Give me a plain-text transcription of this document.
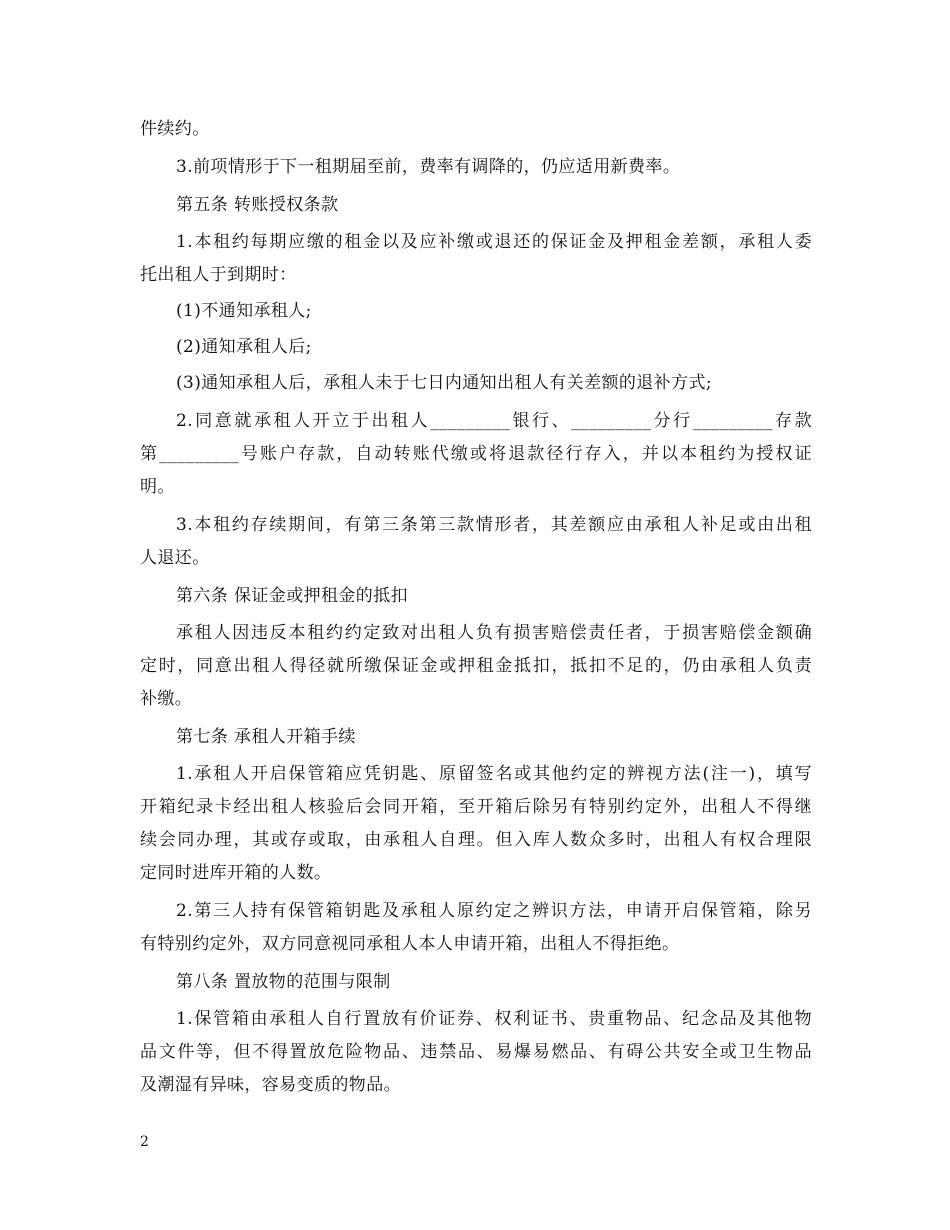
件续约。
3.前项情形于下一租期届至前，费率有调降的，仍应适用新费率。
第五条 转账授权条款
1.本租约每期应缴的租金以及应补缴或退还的保证金及押租金差额，承租人委
托出租人于到期时：
(1)不通知承租人;
(2)通知承租人后;
(3)通知承租人后，承租人未于七日内通知出租人有关差额的退补方式;
2.同意就承租人开立于出租人_________银行、_________分行_________存款
第_________号账户存款，自动转账代缴或将退款径行存入，并以本租约为授权证
明。
3.本租约存续期间，有第三条第三款情形者，其差额应由承租人补足或由出租
人退还。
第六条 保证金或押租金的抵扣
承租人因违反本租约约定致对出租人负有损害赔偿责任者，于损害赔偿金额确
定时，同意出租人得径就所缴保证金或押租金抵扣，抵扣不足的，仍由承租人负责
补缴。
第七条 承租人开箱手续
1.承租人开启保管箱应凭钥匙、原留签名或其他约定的辨视方法(注一)，填写
开箱纪录卡经出租人核验后会同开箱，至开箱后除另有特别约定外，出租人不得继
续会同办理，其或存或取，由承租人自理。但入库人数众多时，出租人有权合理限
定同时进库开箱的人数。
2.第三人持有保管箱钥匙及承租人原约定之辨识方法，申请开启保管箱，除另
有特别约定外，双方同意视同承租人本人申请开箱，出租人不得拒绝。
第八条 置放物的范围与限制
1.保管箱由承租人自行置放有价证券、权利证书、贵重物品、纪念品及其他物
品文件等，但不得置放危险物品、违禁品、易爆易燃品、有碍公共安全或卫生物品
及潮湿有异味，容易变质的物品。
2
